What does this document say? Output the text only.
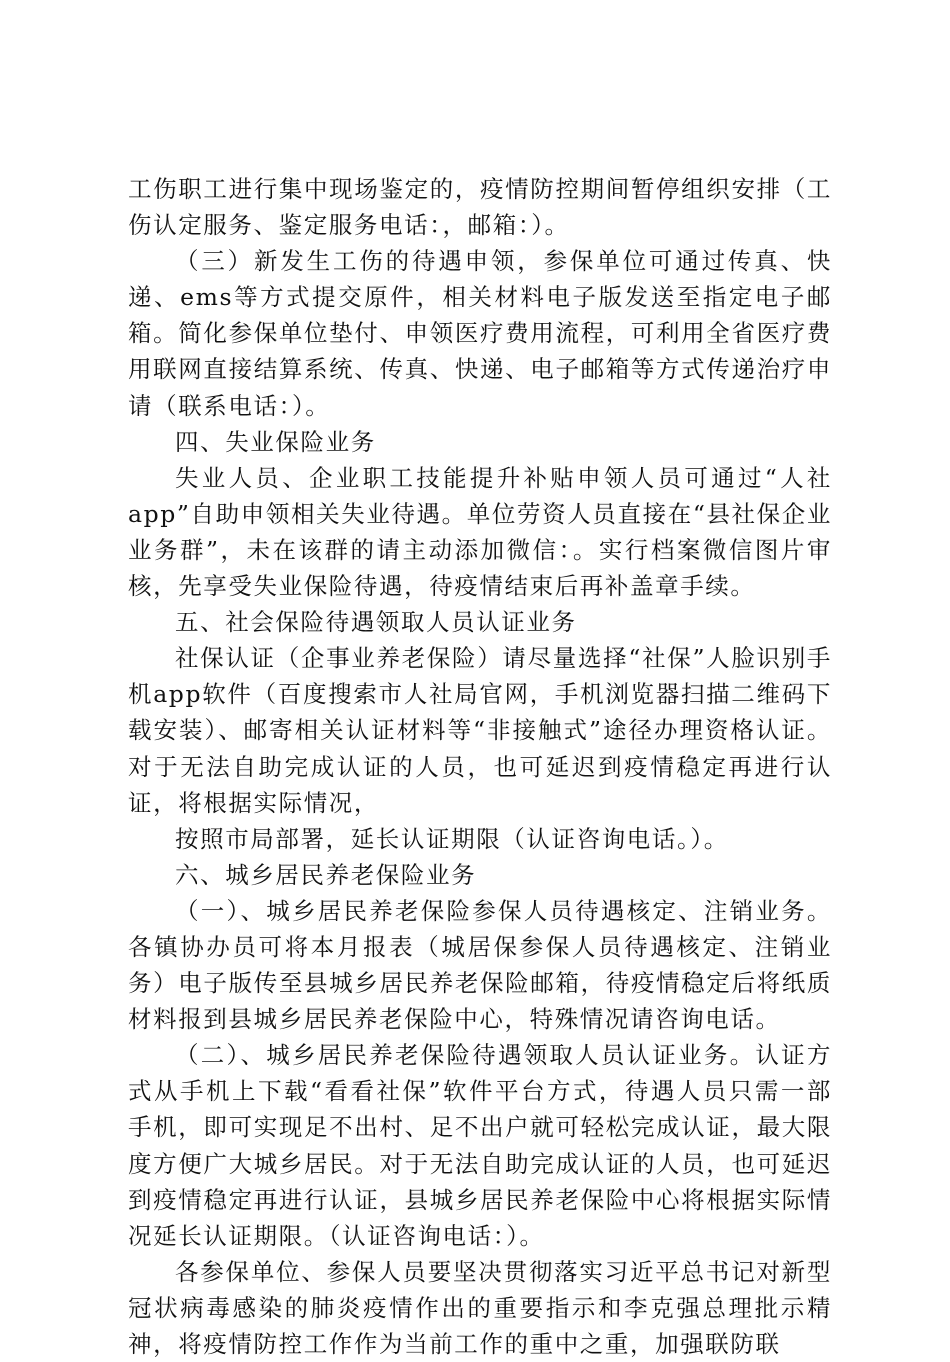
工伤职工进行集中现场鉴定的，疫情防控期间暂停组织安排（工伤认定服务、鉴定服务电话：，邮箱：）。

（三）新发生工伤的待遇申领，参保单位可通过传真、快递、ems等方式提交原件，相关材料电子版发送至指定电子邮箱。简化参保单位垫付、申领医疗费用流程，可利用全省医疗费用联网直接结算系统、传真、快递、电子邮箱等方式传递治疗申请（联系电话：）。

四、失业保险业务

失业人员、企业职工技能提升补贴申领人员可通过“人社app”自助申领相关失业待遇。单位劳资人员直接在“县社保企业业务群”，未在该群的请主动添加微信：。实行档案微信图片审核，先享受失业保险待遇，待疫情结束后再补盖章手续。

五、社会保险待遇领取人员认证业务

社保认证（企事业养老保险）请尽量选择“社保”人脸识别手机app软件（百度搜索市人社局官网，手机浏览器扫描二维码下载安装）、邮寄相关认证材料等“非接触式”途径办理资格认证。对于无法自助完成认证的人员，也可延迟到疫情稳定再进行认证，将根据实际情况，

按照市局部署，延长认证期限（认证咨询电话。）。

六、城乡居民养老保险业务

（一）、城乡居民养老保险参保人员待遇核定、注销业务。各镇协办员可将本月报表（城居保参保人员待遇核定、注销业务）电子版传至县城乡居民养老保险邮箱，待疫情稳定后将纸质材料报到县城乡居民养老保险中心，特殊情况请咨询电话。

（二）、城乡居民养老保险待遇领取人员认证业务。认证方式从手机上下载“看看社保”软件平台方式，待遇人员只需一部手机，即可实现足不出村、足不出户就可轻松完成认证，最大限度方便广大城乡居民。对于无法自助完成认证的人员，也可延迟到疫情稳定再进行认证，县城乡居民养老保险中心将根据实际情况延长认证期限。（认证咨询电话：）。

各参保单位、参保人员要坚决贯彻落实习近平总书记对新型冠状病毒感染的肺炎疫情作出的重要指示和李克强总理批示精神，将疫情防控工作作为当前工作的重中之重，加强联防联
